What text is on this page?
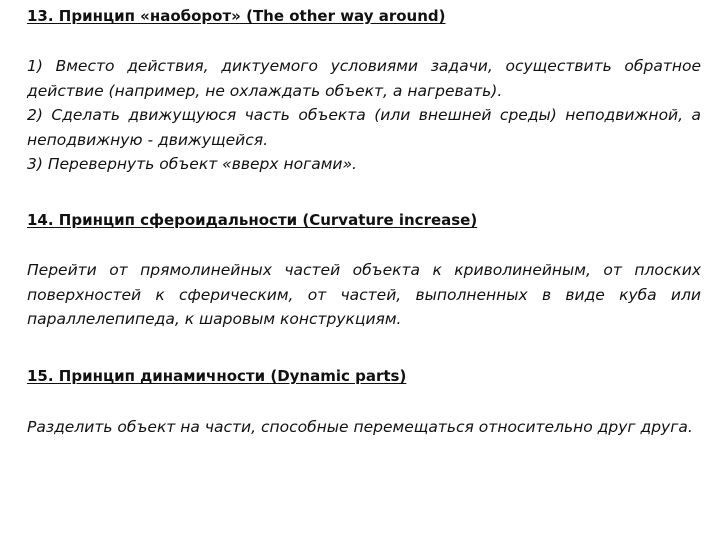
13. Принцип «наоборот» (The other way around)
1) Вместо действия, диктуемого условиями задачи, осуществить обратное
действие (например, не охлаждать объект, а нагревать).
2) Сделать движущуюся часть объекта (или внешней среды) неподвижной, а
неподвижную - движущейся.
3) Перевернуть объект «вверх ногами».
14. Принцип сфероидальности (Curvature increase)
Перейти от прямолинейных частей объекта к криволинейным, от плоских
поверхностей к сферическим, от частей, выполненных в виде куба или
параллелепипеда, к шаровым конструкциям.
15. Принцип динамичности (Dynamic parts)
Разделить объект на части, способные перемещаться относительно друг друга.
